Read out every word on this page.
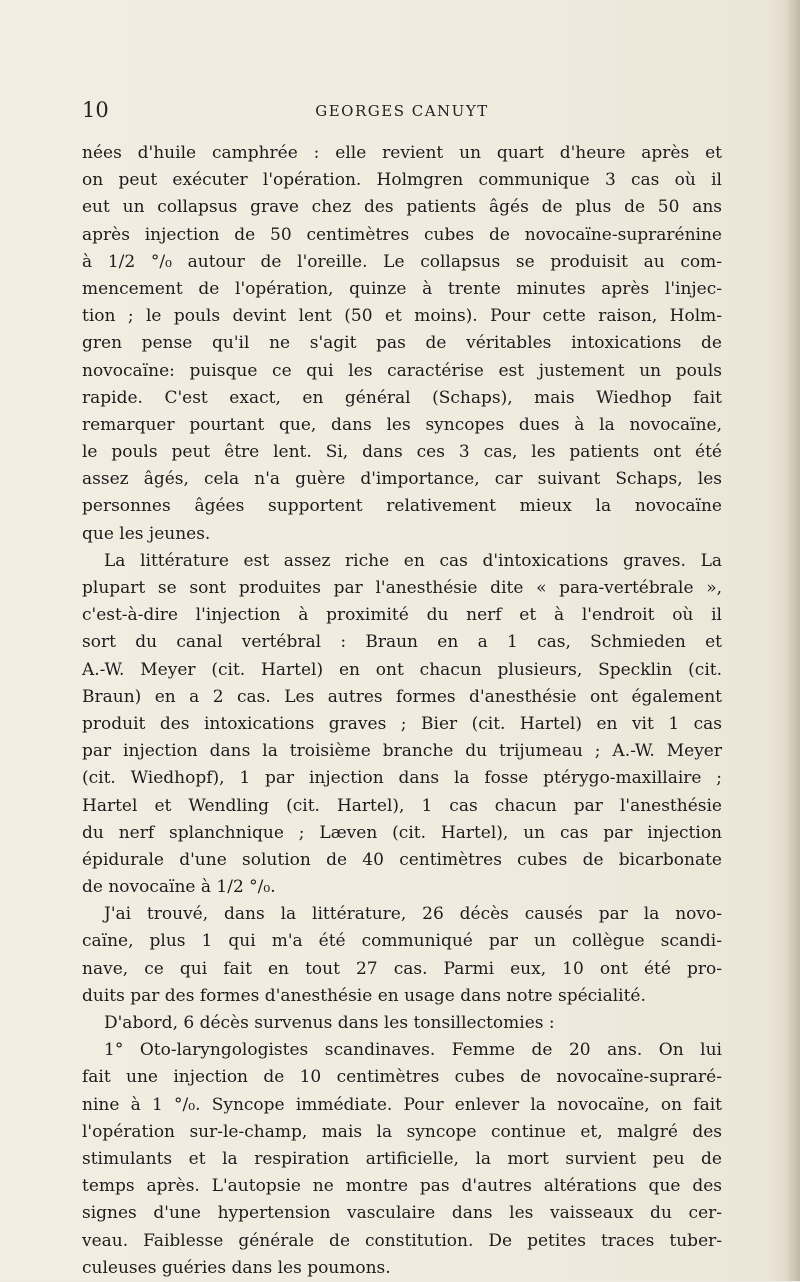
10	GEORGES CANUYT
nées d'huile camphrée : elle revient un quart d'heure après et
on peut exécuter l'opération. Holmgren communique 3 cas où il
eut un collapsus grave chez des patients âgés de plus de 50 ans
après injection de 50 centimètres cubes de novocaïne-suprarénine
à 1/2 °/₀ autour de l'oreille. Le collapsus se produisit au com-
mencement de l'opération, quinze à trente minutes après l'injec-
tion ; le pouls devint lent (50 et moins). Pour cette raison, Holm-
gren pense qu'il ne s'agit pas de véritables intoxications de
novocaïne: puisque ce qui les caractérise est justement un pouls
rapide. C'est exact, en général (Schaps), mais Wiedhop fait
remarquer pourtant que, dans les syncopes dues à la novocaïne,
le pouls peut être lent. Si, dans ces 3 cas, les patients ont été
assez âgés, cela n'a guère d'importance, car suivant Schaps, les
personnes âgées supportent relativement mieux la novocaïne
que les jeunes.
La littérature est assez riche en cas d'intoxications graves. La
plupart se sont produites par l'anesthésie dite « para-vertébrale »,
c'est-à-dire l'injection à proximité du nerf et à l'endroit où il
sort du canal vertébral : Braun en a 1 cas, Schmieden et
A.-W. Meyer (cit. Hartel) en ont chacun plusieurs, Specklin (cit.
Braun) en a 2 cas. Les autres formes d'anesthésie ont également
produit des intoxications graves ; Bier (cit. Hartel) en vit 1 cas
par injection dans la troisième branche du trijumeau ; A.-W. Meyer
(cit. Wiedhopf), 1 par injection dans la fosse ptérygo-maxillaire ;
Hartel et Wendling (cit. Hartel), 1 cas chacun par l'anesthésie
du nerf splanchnique ; Læven (cit. Hartel), un cas par injection
épidurale d'une solution de 40 centimètres cubes de bicarbonate
de novocaïne à 1/2 °/₀.
J'ai trouvé, dans la littérature, 26 décès causés par la novo-
caïne, plus 1 qui m'a été communiqué par un collègue scandi-
nave, ce qui fait en tout 27 cas. Parmi eux, 10 ont été pro-
duits par des formes d'anesthésie en usage dans notre spécialité.
D'abord, 6 décès survenus dans les tonsillectomies :
1° Oto-laryngologistes scandinaves. Femme de 20 ans. On lui
fait une injection de 10 centimètres cubes de novocaïne-supraré-
nine à 1 °/₀. Syncope immédiate. Pour enlever la novocaïne, on fait
l'opération sur-le-champ, mais la syncope continue et, malgré des
stimulants et la respiration artificielle, la mort survient peu de
temps après. L'autopsie ne montre pas d'autres altérations que des
signes d'une hypertension vasculaire dans les vaisseaux du cer-
veau. Faiblesse générale de constitution. De petites traces tuber-
culeuses guéries dans les poumons.
